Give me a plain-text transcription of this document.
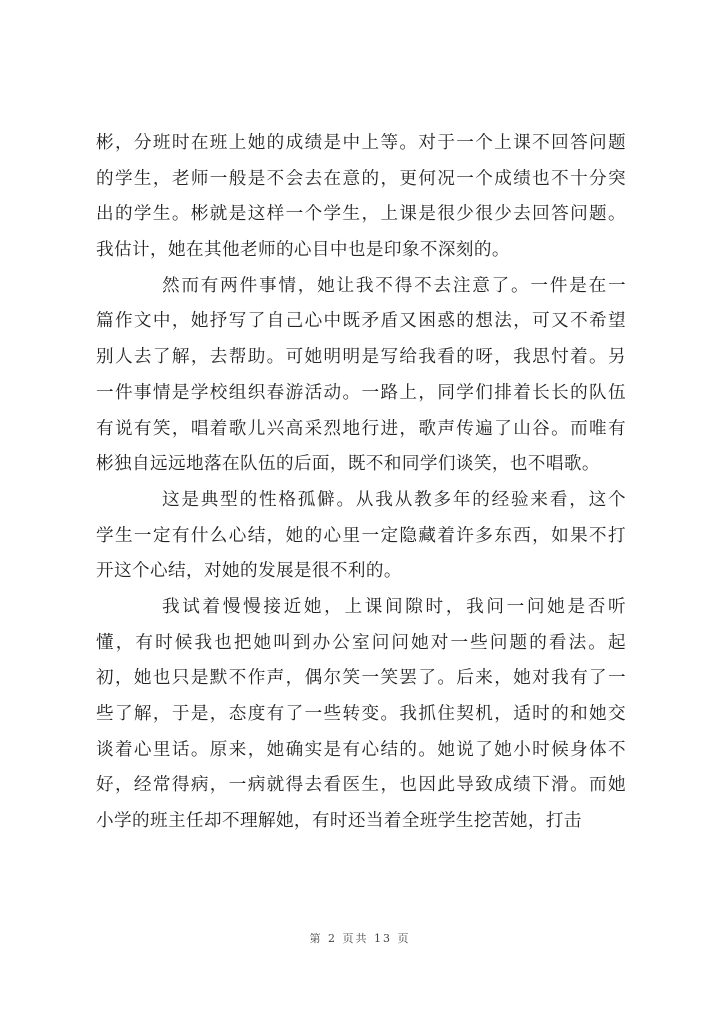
彬，分班时在班上她的成绩是中上等。对于一个上课不回答问题
的学生，老师一般是不会去在意的，更何况一个成绩也不十分突
出的学生。彬就是这样一个学生，上课是很少很少去回答问题。
我估计，她在其他老师的心目中也是印象不深刻的。
然而有两件事情，她让我不得不去注意了。一件是在一
篇作文中，她抒写了自己心中既矛盾又困惑的想法，可又不希望
别人去了解，去帮助。可她明明是写给我看的呀，我思忖着。另
一件事情是学校组织春游活动。一路上，同学们排着长长的队伍
有说有笑，唱着歌儿兴高采烈地行进，歌声传遍了山谷。而唯有
彬独自远远地落在队伍的后面，既不和同学们谈笑，也不唱歌。
这是典型的性格孤僻。从我从教多年的经验来看，这个
学生一定有什么心结，她的心里一定隐藏着许多东西，如果不打
开这个心结，对她的发展是很不利的。
我试着慢慢接近她，上课间隙时，我问一问她是否听
懂，有时候我也把她叫到办公室问问她对一些问题的看法。起
初，她也只是默不作声，偶尔笑一笑罢了。后来，她对我有了一
些了解，于是，态度有了一些转变。我抓住契机，适时的和她交
谈着心里话。原来，她确实是有心结的。她说了她小时候身体不
好，经常得病，一病就得去看医生，也因此导致成绩下滑。而她
小学的班主任却不理解她，有时还当着全班学生挖苦她，打击
第 2 页共 13 页
